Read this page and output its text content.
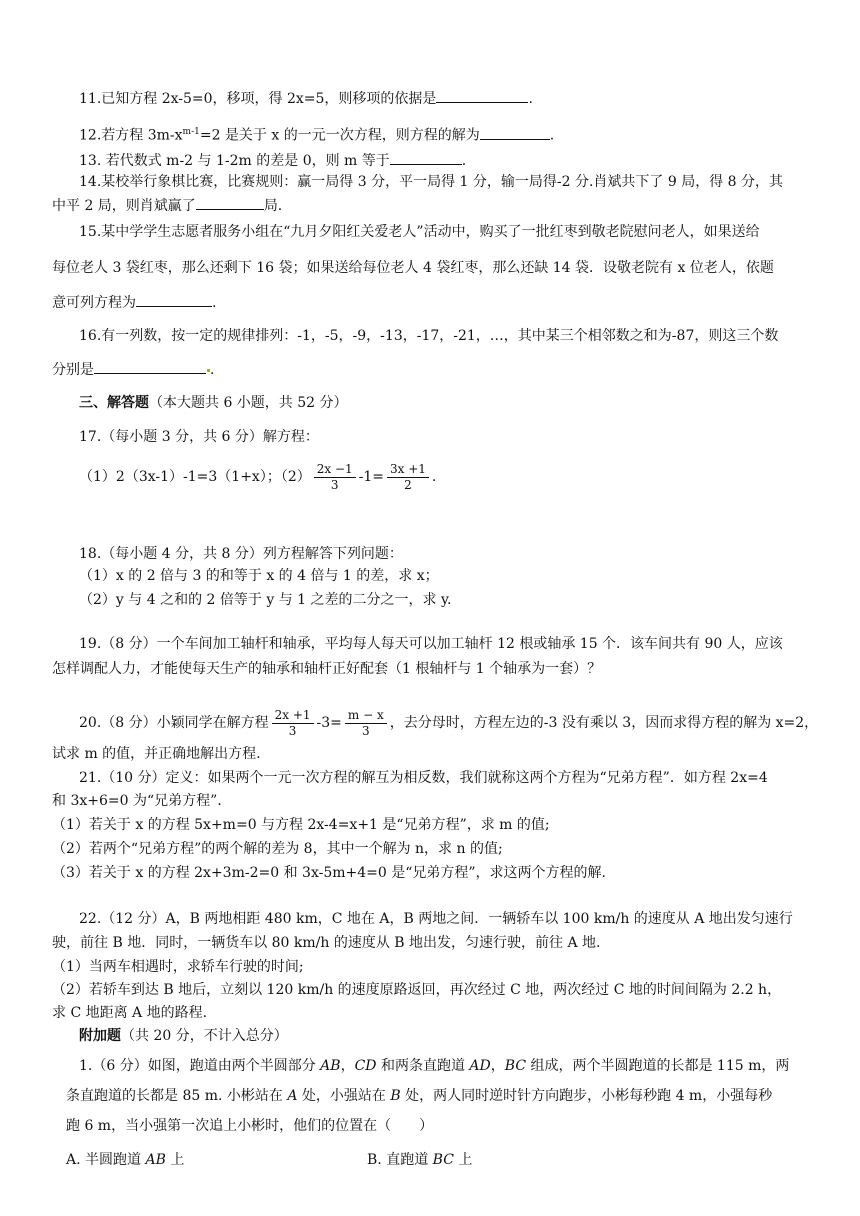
11.已知方程 2x-5=0，移项，得 2x=5，则移项的依据是	.
12.若方程 $3m-x^{m-1}=2$ 是关于 x 的一元一次方程，则方程的解为	.
13. 若代数式 m-2 与 1-2m 的差是 0，则 m 等于	.
14.某校举行象棋比赛，比赛规则：赢一局得 3 分，平一局得 1 分，输一局得-2 分.肖斌共下了 9 局，得 8 分，其
中平 2 局，则肖斌赢了	局.
15.某中学学生志愿者服务小组在“九月夕阳红关爱老人”活动中，购买了一批红枣到敬老院慰问老人，如果送给
每位老人 3 袋红枣，那么还剩下 16 袋；如果送给每位老人 4 袋红枣，那么还缺 14 袋．设敬老院有 x 位老人，依题
意可列方程为	.
16.有一列数，按一定的规律排列：-1，-5，-9，-13，-17，-21，…，其中某三个相邻数之和为-87，则这三个数
分别是	.
三、解答题（本大题共 6 小题，共 52 分）
17.（每小题 3 分，共 6 分）解方程：
（1）2（3x-1）-1=3（1+x）；$(2) \frac{2x -1}{3} -1= \frac{3x +1}{2}$ .
18.（每小题 4 分，共 8 分）列方程解答下列问题：
（1）x 的 2 倍与 3 的和等于 x 的 4 倍与 1 的差，求 x；
（2）y 与 4 之和的 2 倍等于 y 与 1 之差的二分之一，求 y.
19.（8 分）一个车间加工轴杆和轴承，平均每人每天可以加工轴杆 12 根或轴承 15 个．该车间共有 90 人，应该
怎样调配人力，才能使每天生产的轴承和轴杆正好配套（1 根轴杆与 1 个轴承为一套）？
20.（8 分）小颖同学在解方程 $\frac{2x +1}{3} -3= \frac{m - x}{3}$ ，去分母时，方程左边的-3 没有乘以 3，因而求得方程的解为 x=2，
试求 m 的值，并正确地解出方程.
21.（10 分）定义：如果两个一元一次方程的解互为相反数，我们就称这两个方程为“兄弟方程”．如方程 2x=4
和 3x+6=0 为“兄弟方程”.
（1）若关于 x 的方程 5x+m=0 与方程 2x-4=x+1 是“兄弟方程”，求 m 的值;
（2）若两个“兄弟方程”的两个解的差为 8，其中一个解为 n，求 n 的值;
（3）若关于 x 的方程 2x+3m-2=0 和 3x-5m+4=0 是“兄弟方程”，求这两个方程的解.
22.（12 分）A，B 两地相距 480 km，C 地在 A，B 两地之间．一辆轿车以 100 km/h 的速度从 A 地出发匀速行
驶，前往 B 地．同时，一辆货车以 80 km/h 的速度从 B 地出发，匀速行驶，前往 A 地.
（1）当两车相遇时，求轿车行驶的时间;
（2）若轿车到达 B 地后，立刻以 120 km/h 的速度原路返回，再次经过 C 地，两次经过 C 地的时间间隔为 2.2 h，
求 C 地距离 A 地的路程.
附加题（共 20 分，不计入总分）
1.（6 分）如图，跑道由两个半圆部分 AB，CD 和两条直跑道 AD，BC 组成，两个半圆跑道的长都是 115 m，两
条直跑道的长都是 85 m. 小彬站在 A 处，小强站在 B 处，两人同时逆时针方向跑步，小彬每秒跑 4 m，小强每秒
跑 6 m，当小强第一次追上小彬时，他们的位置在（　　）
A. 半圆跑道 AB 上	B. 直跑道 BC 上
